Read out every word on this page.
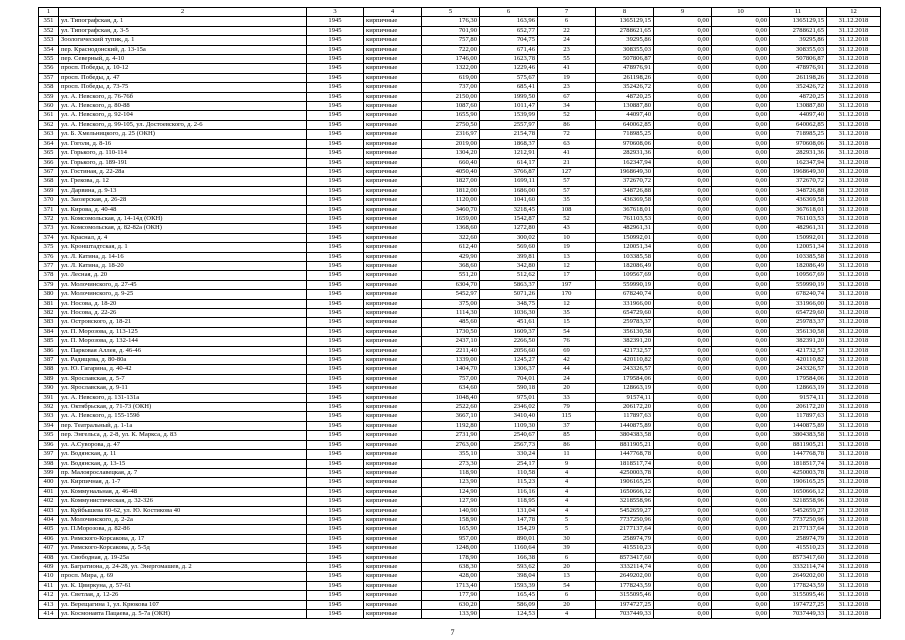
1	2	3	4	5	6	7	8	9	10	11	12
351	ул. Типографская, д. 1	1945	кирпичные	176,30	163,96	6	1365129,15	0,00	0,00	1365129,15	31.12.2018
352	ул. Типографская, д. 3-5	1945	кирпичные	701,90	652,77	22	2788621,65	0,00	0,00	2788621,65	31.12.2018
353	Зоологический тупик, д. 1	1945	кирпичные	757,80	704,75	24	39295,86	0,00	0,00	39295,86	31.12.2018
354	пер. Краснодонский, д. 13-15а	1945	кирпичные	722,00	671,46	23	308355,03	0,00	0,00	308355,03	31.12.2018
355	пер. Северный, д. 4-10	1945	кирпичные	1746,00	1623,78	55	507806,87	0,00	0,00	507806,87	31.12.2018
356	просп. Победы, д. 10-12	1945	кирпичные	1322,00	1229,46	41	478976,91	0,00	0,00	478976,91	31.12.2018
357	просп. Победы, д. 47	1945	кирпичные	619,00	575,67	19	261198,26	0,00	0,00	261198,26	31.12.2018
358	просп. Победы, д. 73-75	1945	кирпичные	737,00	685,41	23	352426,72	0,00	0,00	352426,72	31.12.2018
359	ул. А. Невского, д. 76-76б	1945	кирпичные	2150,00	1999,50	67	48720,25	0,00	0,00	48720,25	31.12.2018
360	ул. А. Невского, д. 80-88	1945	кирпичные	1087,60	1011,47	34	130887,80	0,00	0,00	130887,80	31.12.2018
361	ул. А. Невского, д. 92-104	1945	кирпичные	1655,90	1539,99	52	44097,40	0,00	0,00	44097,40	31.12.2018
362	ул. А. Невского, д. 99-105, ул. Достоевского, д. 2-6	1945	кирпичные	2750,50	2557,97	86	640062,85	0,00	0,00	640062,85	31.12.2018
363	ул. Б. Хмельницкого, д. 25 (ОКН)	1945	кирпичные	2316,97	2154,78	72	718985,25	0,00	0,00	718985,25	31.12.2018
364	ул. Гоголя, д. 8-16	1945	кирпичные	2019,00	1868,37	63	970608,06	0,00	0,00	970608,06	31.12.2018
365	ул. Горького, д. 110-114	1945	кирпичные	1304,20	1212,91	41	282931,36	0,00	0,00	282931,36	31.12.2018
366	ул. Горького, д. 189-191	1945	кирпичные	660,40	614,17	21	162347,94	0,00	0,00	162347,94	31.12.2018
367	ул. Гостиная, д. 22-28а	1945	кирпичные	4050,40	3766,87	127	1968649,30	0,00	0,00	1968649,30	31.12.2018
368	ул. Грекова, д. 12	1945	кирпичные	1827,00	1699,11	57	372670,72	0,00	0,00	372670,72	31.12.2018
369	ул. Дарвина, д. 9-13	1945	кирпичные	1812,00	1686,00	57	348726,88	0,00	0,00	348726,88	31.12.2018
370	ул. Заозерская, д. 26-28	1945	кирпичные	1120,00	1041,60	35	436369,58	0,00	0,00	436369,58	31.12.2018
371	ул. Кирова, д. 40-48	1945	кирпичные	3460,70	3218,45	108	367618,01	0,00	0,00	367618,01	31.12.2018
372	ул. Комсомольская, д. 14-14д (ОКН)	1945	кирпичные	1659,00	1542,87	52	761103,53	0,00	0,00	761103,53	31.12.2018
373	ул. Комсомольская, д. 82-82а (ОКН)	1945	кирпичные	1368,60	1272,80	43	482961,31	0,00	0,00	482961,31	31.12.2018
374	ул. Краснал, д. 4	1945	кирпичные	322,60	300,02	10	150992,01	0,00	0,00	150992,01	31.12.2018
375	ул. Кронштадтская, д. 1	1945	кирпичные	612,40	569,60	19	120051,34	0,00	0,00	120051,34	31.12.2018
376	ул. Л. Катина, д. 14-16	1945	кирпичные	429,90	399,81	13	103385,58	0,00	0,00	103385,58	31.12.2018
377	ул. Л. Катина, д. 18-20	1945	кирпичные	368,60	342,80	12	182086,49	0,00	0,00	182086,49	31.12.2018
378	ул. Лесная, д. 20	1945	кирпичные	551,20	512,62	17	109567,69	0,00	0,00	109567,69	31.12.2018
379	ул. Молочинского, д. 27-45	1945	кирпичные	6304,70	5863,37	197	559990,19	0,00	0,00	559990,19	31.12.2018
380	ул. Молочинского, д. 9-25	1945	кирпичные	5452,97	5071,26	170	678240,74	0,00	0,00	678240,74	31.12.2018
381	ул. Носова, д. 18-20	1945	кирпичные	375,00	348,75	12	331966,00	0,00	0,00	331966,00	31.12.2018
382	ул. Носова, д. 22-26	1945	кирпичные	1114,30	1036,30	35	654729,60	0,00	0,00	654729,60	31.12.2018
383	ул. Островского, д. 18-21	1945	кирпичные	485,60	451,61	15	259783,37	0,00	0,00	259783,37	31.12.2018
384	ул. П. Морозова, д. 113-125	1945	кирпичные	1730,50	1609,37	54	356130,58	0,00	0,00	356130,58	31.12.2018
385	ул. П. Морозова, д. 132-144	1945	кирпичные	2437,10	2266,50	76	382391,20	0,00	0,00	382391,20	31.12.2018
386	ул. Парковая Аллея, д. 46-46	1945	кирпичные	2211,40	2056,60	69	421732,57	0,00	0,00	421732,57	31.12.2018
387	ул. Радищева, д. 80-80а	1945	кирпичные	1339,00	1245,27	42	420110,82	0,00	0,00	420110,82	31.12.2018
388	ул. Ю. Гагарина, д. 40-42	1945	кирпичные	1404,70	1306,37	44	243326,57	0,00	0,00	243326,57	31.12.2018
389	ул. Ярославская, д. 5-7	1945	кирпичные	757,00	704,01	24	179584,06	0,00	0,00	179584,06	31.12.2018
390	ул. Ярославская, д. 9-11	1945	кирпичные	634,60	590,18	20	128663,19	0,00	0,00	128663,19	31.12.2018
391	ул. А. Невского, д. 131-131а	1945	кирпичные	1048,40	975,01	33	91574,11	0,00	0,00	91574,11	31.12.2018
392	ул. Октябрьская, д. 71-73 (ОКН)	1945	кирпичные	2522,60	2346,02	79	206172,20	0,00	0,00	206172,20	31.12.2018
393	ул. А. Невского, д. 155-159б	1945	кирпичные	3667,10	3410,40	115	117897,63	0,00	0,00	117897,63	31.12.2018
394	пер. Театральный, д. 1-1а	1945	кирпичные	1192,80	1109,30	37	1440875,89	0,00	0,00	1440875,89	31.12.2018
395	пер. Энгельса, д. 2-8, ул. К. Маркса, д. 83	1945	кирпичные	2731,90	2540,67	85	3804383,58	0,00	0,00	3804383,58	31.12.2018
396	ул. А.Суворова, д. 47	1945	кирпичные	2763,00	2567,73	86	8811905,21	0,00	0,00	8811905,21	31.12.2018
397	ул. Водянская, д. 11	1945	кирпичные	355,10	330,24	11	1447768,78	0,00	0,00	1447768,78	31.12.2018
398	ул. Водянская, д. 13-15	1945	кирпичные	273,30	254,17	9	1818517,74	0,00	0,00	1818517,74	31.12.2018
399	пр. Малоярославецкая, д. 7	1945	кирпичные	118,90	110,58	4	4250003,78	0,00	0,00	4250003,78	31.12.2018
400	ул. Кирпичная, д. 1-7	1945	кирпичные	123,90	115,23	4	1906165,25	0,00	0,00	1906165,25	31.12.2018
401	ул. Коммунальная, д. 46-48	1945	кирпичные	124,90	116,16	4	1650666,12	0,00	0,00	1650666,12	31.12.2018
402	ул. Коммунистическая, д. 32-326	1945	кирпичные	127,90	118,95	4	3218558,96	0,00	0,00	3218558,96	31.12.2018
403	ул. Куйбышева 60-62, ул. Ю. Костикова 40	1945	кирпичные	140,90	131,04	4	5452659,27	0,00	0,00	5452659,27	31.12.2018
404	ул. Молочинского, д. 2-2а	1945	кирпичные	158,90	147,78	5	7737250,96	0,00	0,00	7737250,96	31.12.2018
405	ул. П.Морозова, д. 82-86	1945	кирпичные	165,90	154,29	5	2177137,64	0,00	0,00	2177137,64	31.12.2018
406	ул. Римского-Корсакова, д. 17	1945	кирпичные	957,00	890,01	30	258974,79	0,00	0,00	258974,79	31.12.2018
407	ул. Римского-Корсакова, д. 5-5д	1945	кирпичные	1248,00	1160,64	39	415510,23	0,00	0,00	415510,23	31.12.2018
408	ул. Свободная, д. 19-25а	1945	кирпичные	178,90	166,38	6	8573417,60	0,00	0,00	8573417,60	31.12.2018
409	ул. Багратиона, д. 24-28, ул. Энергомашев, д. 2	1945	кирпичные	638,30	593,62	20	3332114,74	0,00	0,00	3332114,74	31.12.2018
410	просп. Мира, д. 69	1945	кирпичные	428,00	398,04	13	2649202,00	0,00	0,00	2649202,00	31.12.2018
411	ул. К. Цвиркуна, д. 57-61	1945	кирпичные	1713,40	1593,39	54	1778243,59	0,00	0,00	1778243,59	31.12.2018
412	ул. Светлая, д. 12-26	1945	кирпичные	177,90	165,45	6	3155095,46	0,00	0,00	3155095,46	31.12.2018
413	ул. Верещагина 1, ул. Крюкова 107	1945	кирпичные	630,20	586,09	20	1974727,25	0,00	0,00	1974727,25	31.12.2018
414	ул. Космонавта Пацаева, д. 5-7а (ОКН)	1945	кирпичные	133,90	124,53	4	7037449,33	0,00	0,00	7037449,33	31.12.2018
7
